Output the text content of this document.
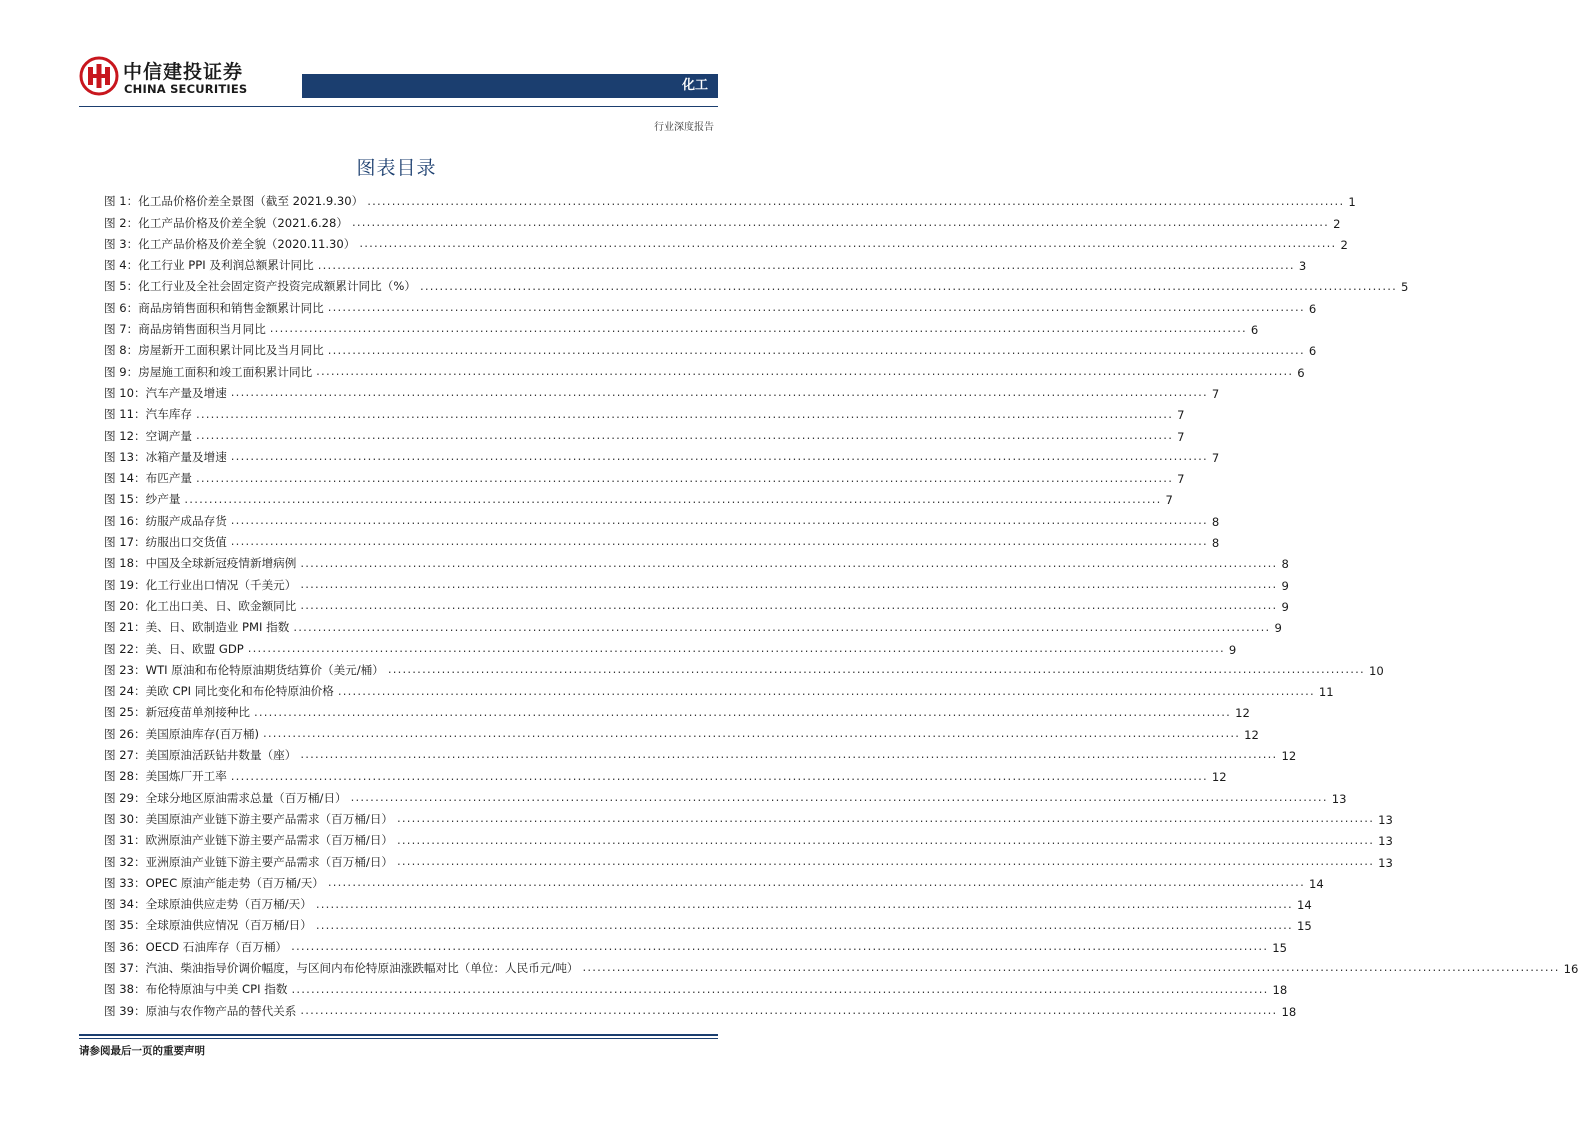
中信建投证券
CHINA SECURITIES	化工
行业深度报告
图表目录
图 1：化工品价格价差全景图（截至 2021.9.30） ........................................................................................................................................................................................................ 1
图 2：化工产品价格及价差全貌（2021.6.28） ........................................................................................................................................................................................................ 2
图 3：化工产品价格及价差全貌（2020.11.30） ........................................................................................................................................................................................................ 2
图 4：化工行业 PPI 及利润总额累计同比 ........................................................................................................................................................................................................ 3
图 5：化工行业及全社会固定资产投资完成额累计同比（%） ........................................................................................................................................................................................................ 5
图 6：商品房销售面积和销售金额累计同比 ........................................................................................................................................................................................................ 6
图 7：商品房销售面积当月同比 ........................................................................................................................................................................................................ 6
图 8：房屋新开工面积累计同比及当月同比 ........................................................................................................................................................................................................ 6
图 9：房屋施工面积和竣工面积累计同比 ........................................................................................................................................................................................................ 6
图 10：汽车产量及增速 ........................................................................................................................................................................................................ 7
图 11：汽车库存 ........................................................................................................................................................................................................ 7
图 12：空调产量 ........................................................................................................................................................................................................ 7
图 13：冰箱产量及增速 ........................................................................................................................................................................................................ 7
图 14：布匹产量 ........................................................................................................................................................................................................ 7
图 15：纱产量 ........................................................................................................................................................................................................ 7
图 16：纺服产成品存货 ........................................................................................................................................................................................................ 8
图 17：纺服出口交货值 ........................................................................................................................................................................................................ 8
图 18：中国及全球新冠疫情新增病例 ........................................................................................................................................................................................................ 8
图 19：化工行业出口情况（千美元） ........................................................................................................................................................................................................ 9
图 20：化工出口美、日、欧金额同比 ........................................................................................................................................................................................................ 9
图 21：美、日、欧制造业 PMI 指数 ........................................................................................................................................................................................................ 9
图 22：美、日、欧盟 GDP ........................................................................................................................................................................................................ 9
图 23：WTI 原油和布伦特原油期货结算价（美元/桶） ........................................................................................................................................................................................................ 10
图 24：美欧 CPI 同比变化和布伦特原油价格 ........................................................................................................................................................................................................ 11
图 25：新冠疫苗单剂接种比 ........................................................................................................................................................................................................ 12
图 26：美国原油库存(百万桶) ........................................................................................................................................................................................................ 12
图 27：美国原油活跃钻井数量（座） ........................................................................................................................................................................................................ 12
图 28：美国炼厂开工率 ........................................................................................................................................................................................................ 12
图 29：全球分地区原油需求总量（百万桶/日） ........................................................................................................................................................................................................ 13
图 30：美国原油产业链下游主要产品需求（百万桶/日） ........................................................................................................................................................................................................ 13
图 31：欧洲原油产业链下游主要产品需求（百万桶/日） ........................................................................................................................................................................................................ 13
图 32：亚洲原油产业链下游主要产品需求（百万桶/日） ........................................................................................................................................................................................................ 13
图 33：OPEC 原油产能走势（百万桶/天） ........................................................................................................................................................................................................ 14
图 34：全球原油供应走势（百万桶/天） ........................................................................................................................................................................................................ 14
图 35：全球原油供应情况（百万桶/日） ........................................................................................................................................................................................................ 15
图 36：OECD 石油库存（百万桶） ........................................................................................................................................................................................................ 15
图 37：汽油、柴油指导价调价幅度，与区间内布伦特原油涨跌幅对比（单位：人民币元/吨） ........................................................................................................................................................................................................ 16
图 38：布伦特原油与中美 CPI 指数 ........................................................................................................................................................................................................ 18
图 39：原油与农作物产品的替代关系 ........................................................................................................................................................................................................ 18
请参阅最后一页的重要声明
